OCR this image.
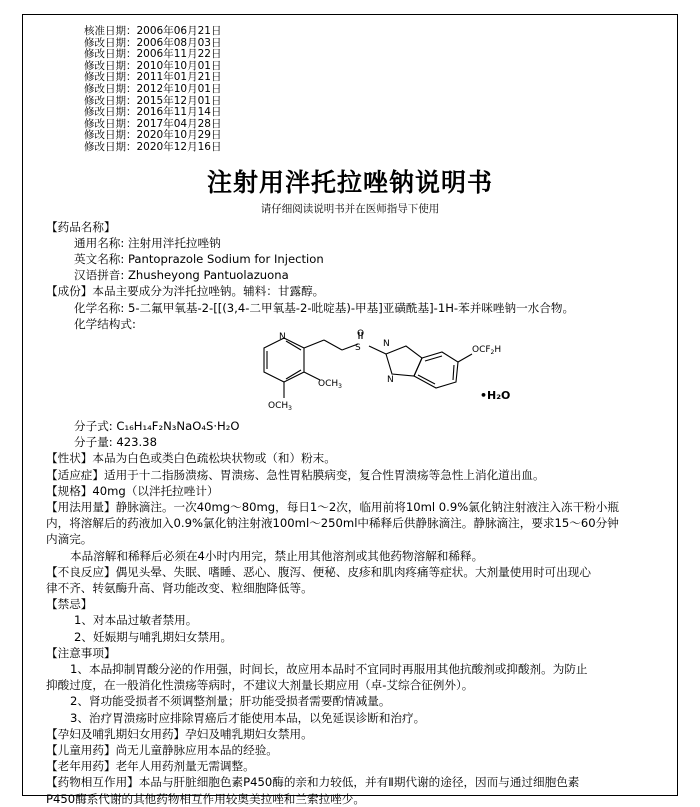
核准日期：2006年06月21日
修改日期：2006年08月03日
修改日期：2006年11月22日
修改日期：2010年10月01日
修改日期：2011年01月21日
修改日期：2012年10月01日
修改日期：2015年12月01日
修改日期：2016年11月14日
修改日期：2017年04月28日
修改日期：2020年10月29日
修改日期：2020年12月16日
注射用泮托拉唑钠说明书
请仔细阅读说明书并在医师指导下使用
【药品名称】
通用名称: 注射用泮托拉唑钠
英文名称: Pantoprazole Sodium for Injection
汉语拼音: Zhusheyong Pantuolazuona
【成份】本品主要成分为泮托拉唑钠。辅料：甘露醇。
化学名称: 5-二氟甲氧基-2-[[(3,4-二甲氧基-2-吡啶基)-甲基]亚磺酰基]-1H-苯并咪唑钠一水合物。
化学结构式:
N
S
O
N
N
$OCH_3$
$OCH_3$
$OCF_2H$
•H₂O
分子式: C₁₆H₁₄F₂N₃NaO₄S·H₂O
分子量: 423.38
【性状】本品为白色或类白色疏松块状物或（和）粉末。
【适应症】适用于十二指肠溃疡、胃溃疡、急性胃粘膜病变，复合性胃溃疡等急性上消化道出血。
【规格】40mg（以泮托拉唑计）
【用法用量】静脉滴注。一次40mg～80mg，每日1～2次，临用前将10ml 0.9%氯化钠注射液注入冻干粉小瓶
内，将溶解后的药液加入0.9%氯化钠注射液100ml～250ml中稀释后供静脉滴注。静脉滴注，要求15～60分钟
内滴完。
本品溶解和稀释后必须在4小时内用完，禁止用其他溶剂或其他药物溶解和稀释。
【不良反应】偶见头晕、失眠、嗜睡、恶心、腹泻、便秘、皮疹和肌肉疼痛等症状。大剂量使用时可出现心
律不齐、转氨酶升高、肾功能改变、粒细胞降低等。
【禁忌】
1、对本品过敏者禁用。
2、妊娠期与哺乳期妇女禁用。
【注意事项】
1、本品抑制胃酸分泌的作用强，时间长，故应用本品时不宜同时再服用其他抗酸剂或抑酸剂。为防止
抑酸过度，在一般消化性溃疡等病时，不建议大剂量长期应用（卓-艾综合征例外）。
2、肾功能受损者不须调整剂量；肝功能受损者需要酌情减量。
3、治疗胃溃疡时应排除胃癌后才能使用本品，以免延误诊断和治疗。
【孕妇及哺乳期妇女用药】孕妇及哺乳期妇女禁用。
【儿童用药】尚无儿童静脉应用本品的经验。
【老年用药】老年人用药剂量无需调整。
【药物相互作用】本品与肝脏细胞色素P450酶的亲和力较低，并有Ⅱ期代谢的途径，因而与通过细胞色素
P450酶系代谢的其他药物相互作用较奥美拉唑和兰索拉唑少。
